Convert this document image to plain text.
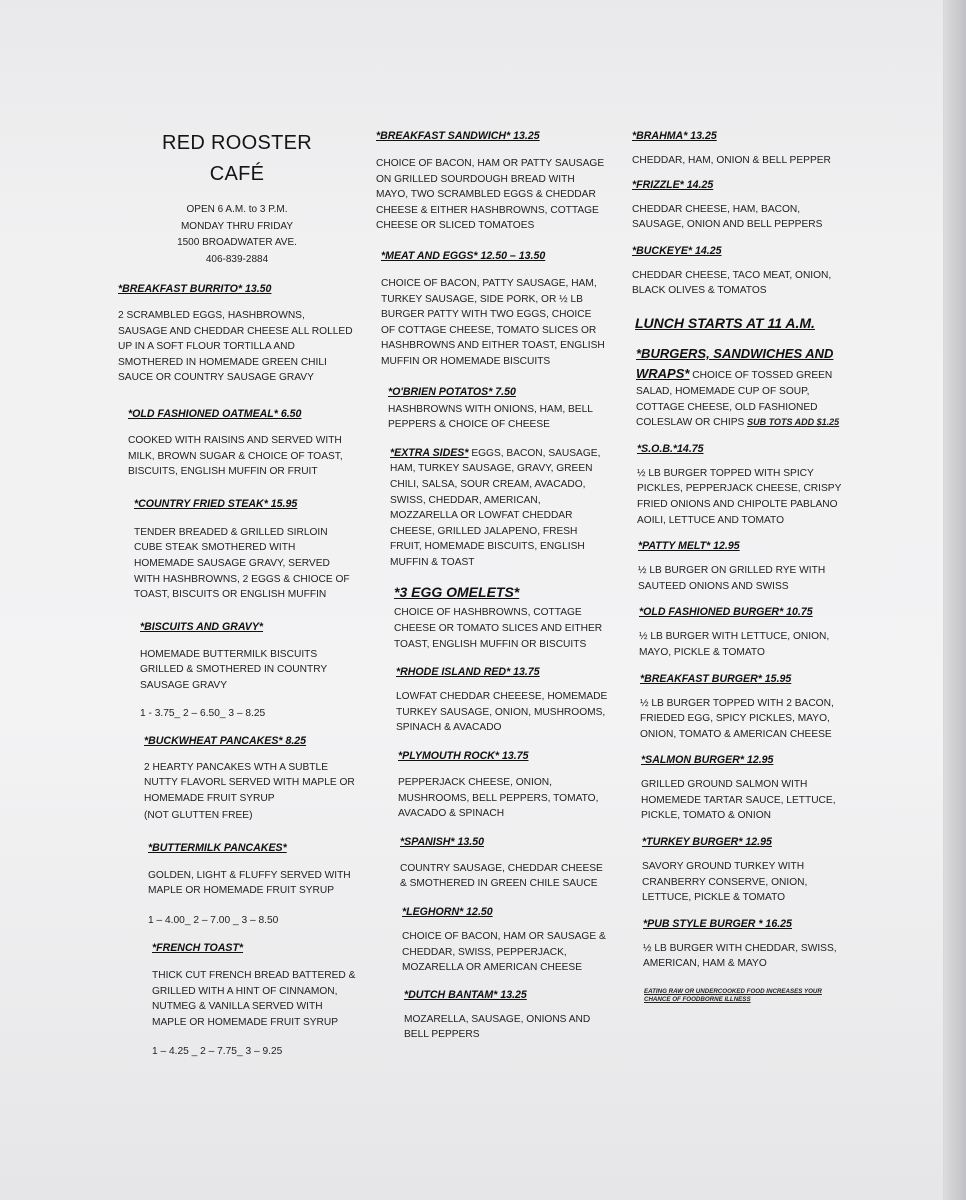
RED ROOSTER
CAFÉ
OPEN 6 A.M. to 3 P.M.
MONDAY THRU FRIDAY
1500 BROADWATER AVE.
406-839-2884
*BREAKFAST BURRITO* 13.50
2 SCRAMBLED EGGS, HASHBROWNS, SAUSAGE AND CHEDDAR CHEESE ALL ROLLED UP IN A SOFT FLOUR TORTILLA AND SMOTHERED IN HOMEMADE GREEN CHILI SAUCE OR COUNTRY SAUSAGE GRAVY
*OLD FASHIONED OATMEAL* 6.50
COOKED WITH RAISINS AND SERVED WITH MILK, BROWN SUGAR & CHOICE OF TOAST, BISCUITS, ENGLISH MUFFIN OR FRUIT
*COUNTRY FRIED STEAK* 15.95
TENDER BREADED & GRILLED SIRLOIN CUBE STEAK SMOTHERED WITH HOMEMADE SAUSAGE GRAVY, SERVED WITH HASHBROWNS, 2 EGGS & CHIOCE OF TOAST, BISCUITS OR ENGLISH MUFFIN
*BISCUITS AND GRAVY*
HOMEMADE BUTTERMILK BISCUITS GRILLED & SMOTHERED IN COUNTRY SAUSAGE GRAVY
1 - 3.75_ 2 – 6.50_ 3 – 8.25
*BUCKWHEAT PANCAKES* 8.25
2 HEARTY PANCAKES WTH A SUBTLE NUTTY FLAVORL SERVED WITH MAPLE OR HOMEMADE FRUIT SYRUP
(NOT GLUTTEN FREE)
*BUTTERMILK PANCAKES*
GOLDEN, LIGHT & FLUFFY SERVED WITH MAPLE OR HOMEMADE FRUIT SYRUP
1 – 4.00_ 2 – 7.00 _ 3 – 8.50
*FRENCH TOAST*
THICK CUT FRENCH BREAD BATTERED & GRILLED WITH A HINT OF CINNAMON, NUTMEG & VANILLA SERVED WITH MAPLE OR HOMEMADE FRUIT SYRUP
1 – 4.25 _ 2 – 7.75_ 3 – 9.25
*BREAKFAST SANDWICH* 13.25
CHOICE OF BACON, HAM OR PATTY SAUSAGE ON GRILLED SOURDOUGH BREAD WITH MAYO, TWO SCRAMBLED EGGS & CHEDDAR CHEESE & EITHER HASHBROWNS, COTTAGE CHEESE OR SLICED TOMATOES
*MEAT AND EGGS* 12.50 – 13.50
CHOICE OF BACON, PATTY SAUSAGE, HAM, TURKEY SAUSAGE, SIDE PORK, OR ½ LB BURGER PATTY WITH TWO EGGS, CHOICE OF COTTAGE CHEESE, TOMATO SLICES OR HASHBROWNS AND EITHER TOAST, ENGLISH MUFFIN OR HOMEMADE BISCUITS
*O'BRIEN POTATOS* 7.50
HASHBROWNS WITH ONIONS, HAM, BELL PEPPERS & CHOICE OF CHEESE
*EXTRA SIDES* EGGS, BACON, SAUSAGE, HAM, TURKEY SAUSAGE, GRAVY, GREEN CHILI, SALSA, SOUR CREAM, AVACADO, SWISS, CHEDDAR, AMERICAN, MOZZARELLA OR LOWFAT CHEDDAR CHEESE, GRILLED JALAPENO, FRESH FRUIT, HOMEMADE BISCUITS, ENGLISH MUFFIN & TOAST
*3 EGG OMELETS*
CHOICE OF HASHBROWNS, COTTAGE CHEESE OR TOMATO SLICES AND EITHER TOAST, ENGLISH MUFFIN OR BISCUITS
*RHODE ISLAND RED* 13.75
LOWFAT CHEDDAR CHEEESE, HOMEMADE TURKEY SAUSAGE, ONION, MUSHROOMS, SPINACH & AVACADO
*PLYMOUTH ROCK* 13.75
PEPPERJACK CHEESE, ONION, MUSHROOMS, BELL PEPPERS, TOMATO, AVACADO & SPINACH
*SPANISH* 13.50
COUNTRY SAUSAGE, CHEDDAR CHEESE & SMOTHERED IN GREEN CHILE SAUCE
*LEGHORN* 12.50
CHOICE OF BACON, HAM OR SAUSAGE & CHEDDAR, SWISS, PEPPERJACK, MOZARELLA OR AMERICAN CHEESE
*DUTCH BANTAM* 13.25
MOZARELLA, SAUSAGE, ONIONS AND BELL PEPPERS
*BRAHMA* 13.25
CHEDDAR, HAM, ONION & BELL PEPPER
*FRIZZLE* 14.25
CHEDDAR CHEESE, HAM, BACON, SAUSAGE, ONION AND BELL PEPPERS
*BUCKEYE* 14.25
CHEDDAR CHEESE, TACO MEAT, ONION, BLACK OLIVES & TOMATOS
LUNCH STARTS AT 11 A.M.
*BURGERS, SANDWICHES AND
WRAPS* CHOICE OF TOSSED GREEN SALAD, HOMEMADE CUP OF SOUP, COTTAGE CHEESE, OLD FASHIONED COLESLAW OR CHIPS SUB TOTS ADD $1.25
*S.O.B.*14.75
½ LB BURGER TOPPED WITH SPICY PICKLES, PEPPERJACK CHEESE, CRISPY FRIED ONIONS AND CHIPOLTE PABLANO AOILI, LETTUCE AND TOMATO
*PATTY MELT* 12.95
½ LB BURGER ON GRILLED RYE WITH SAUTEED ONIONS AND SWISS
*OLD FASHIONED BURGER* 10.75
½ LB BURGER WITH LETTUCE, ONION, MAYO, PICKLE & TOMATO
*BREAKFAST BURGER* 15.95
½ LB BURGER TOPPED WITH 2 BACON, FRIEDED EGG, SPICY PICKLES, MAYO, ONION, TOMATO & AMERICAN CHEESE
*SALMON BURGER* 12.95
GRILLED GROUND SALMON WITH HOMEMEDE TARTAR SAUCE, LETTUCE, PICKLE, TOMATO & ONION
*TURKEY BURGER* 12.95
SAVORY GROUND TURKEY WITH CRANBERRY CONSERVE, ONION, LETTUCE, PICKLE & TOMATO
*PUB STYLE BURGER * 16.25
½ LB BURGER WITH CHEDDAR, SWISS, AMERICAN, HAM & MAYO
EATING RAW OR UNDERCOOKED FOOD INCREASES YOUR CHANCE OF FOODBORNE ILLNESS
